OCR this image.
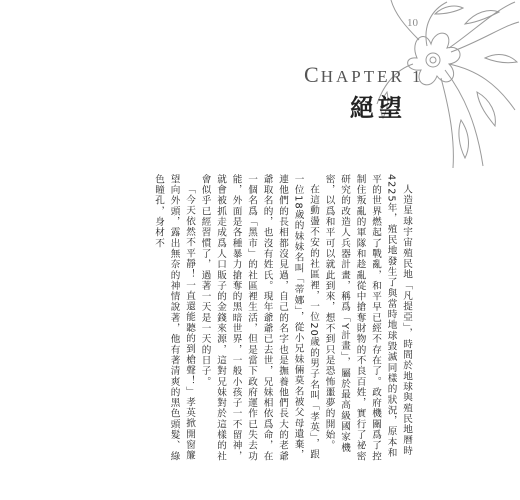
10
CHAPTER 1
絕望

人造星球宇宙殖民地「凡提亞」，時間於地球與殖民地曆時4225年，殖民地發生了與當時地球毀滅同樣的狀況，原本和平的世界燃起了戰亂，和平早已經不存在了。政府機關爲了控制住叛亂的軍隊和趁亂從中搶奪財物的不良百姓，實行了祕密研究的改造人兵器計畫，稱爲「Y計畫」，屬於最高級國家機密，以爲和平可以就此到來，想不到只是恐怖噩夢的開始。

在這動盪不安的社區裡，一位20歲的男子名叫「孝英」，跟一位18歲的妹妹名叫「蒂娜」，從小兄妹倆莫名被父母遺棄，連他們的長相都沒見過，自己的名字也是撫養他們長大的老爺爺取名的，也沒有姓氏。現年爺爺已去世，兄妹相依爲命，在一個名爲「黑市」的社區裡生活，但是當下政府運作已失去功能，外面是各種暴力搶奪的黑暗世界，一般小孩子一不留神，就會被抓走成爲人口販子的金錢來源，這對兄妹對於這樣的社會似乎已經習慣了，過著一天是一天的日子。

「今天依然不平靜！一直還能聽的到槍聲！」孝英掀開窗簾望向外頭，露出無奈的神情說著，他有著清爽的黑色頭髮、綠色瞳孔，身材不
